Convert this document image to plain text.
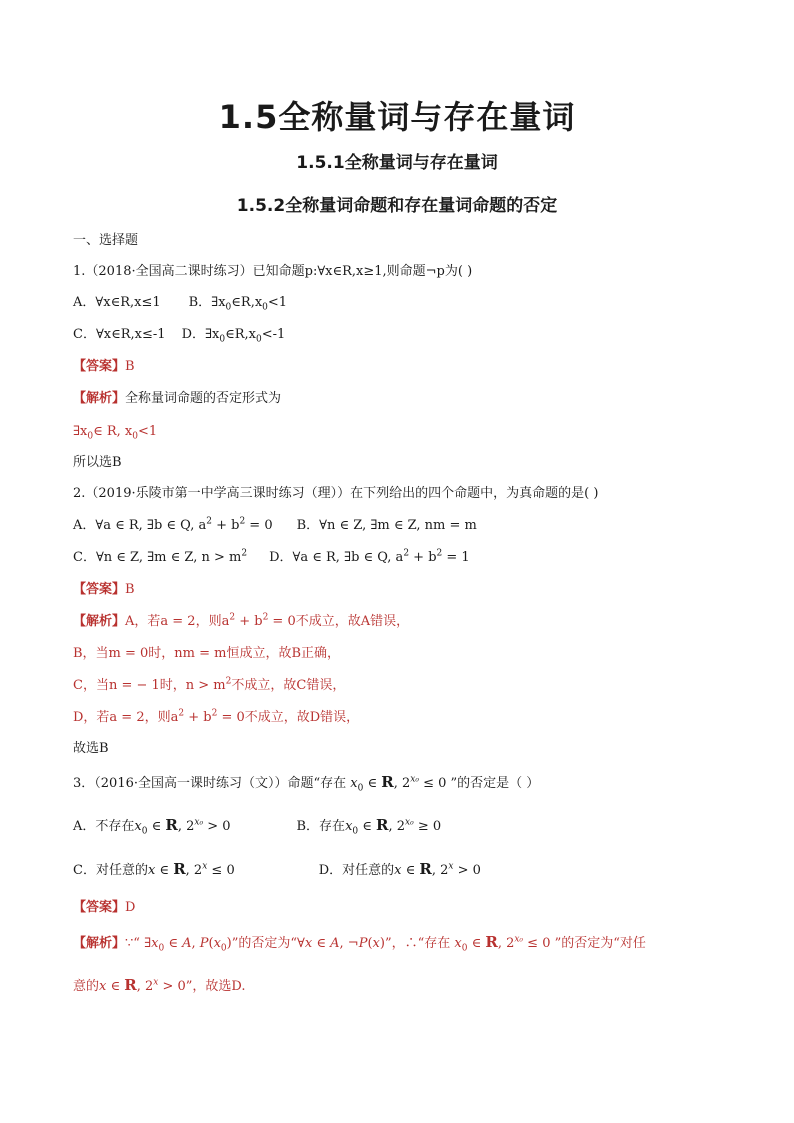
1.5全称量词与存在量词
1.5.1全称量词与存在量词
1.5.2全称量词命题和存在量词命题的否定
一、选择题
1.（2018·全国高二课时练习）已知命题p:∀x∈R,x≥1,则命题¬p为( )
A．∀x∈R,x≤1 B．$\exists x_0\in R,x_0<1$
C．∀x∈R,x≤-1 D．$\exists x_0\in R,x_0<-1$
【答案】B
【解析】全称量词命题的否定形式为
$\exists x_0\in$ R, $x_0<1$
所以选B
2.（2019·乐陵市第一中学高三课时练习（理））在下列给出的四个命题中，为真命题的是( )
A．∀a ∈ R, ∃b ∈ Q, $a^2 + b^2 = 0$ B．∀n ∈ Z, ∃m ∈ Z, nm = m
C．∀n ∈ Z, ∃m ∈ Z, $n > m^2$ D．∀a ∈ R, ∃b ∈ Q, $a^2 + b^2 = 1$
【答案】B
【解析】A，若a = 2，则$a^2 + b^2 = 0$不成立，故A错误，
B，当m = 0时，nm = m恒成立，故B正确，
C，当n = − 1时，$n > m^2$不成立，故C错误，
D，若a = 2，则$a^2 + b^2 = 0$不成立，故D错误，
故选B
3．（2016·全国高一课时练习（文））命题“存在 $x_0$ ∈ R, $2^{x_0} \le 0$ ”的否定是（ ）
A．不存在$x_0$ ∈ R, $2^{x_0} > 0$	B．存在$x_0$ ∈ R, $2^{x_0} \ge 0$
C．对任意的x ∈ R, $2^x \le 0$	D．对任意的x ∈ R, $2^x > 0$
【答案】D
【解析】∵“ $\exists x_0$ ∈ A, $P(x_0)$”的否定为“∀x ∈ A, ¬P(x)”，∴“存在 $x_0$ ∈ R, $2^{x_0} \le 0$ ”的否定为“对任
意的x ∈ R, $2^x > 0$”，故选D.
